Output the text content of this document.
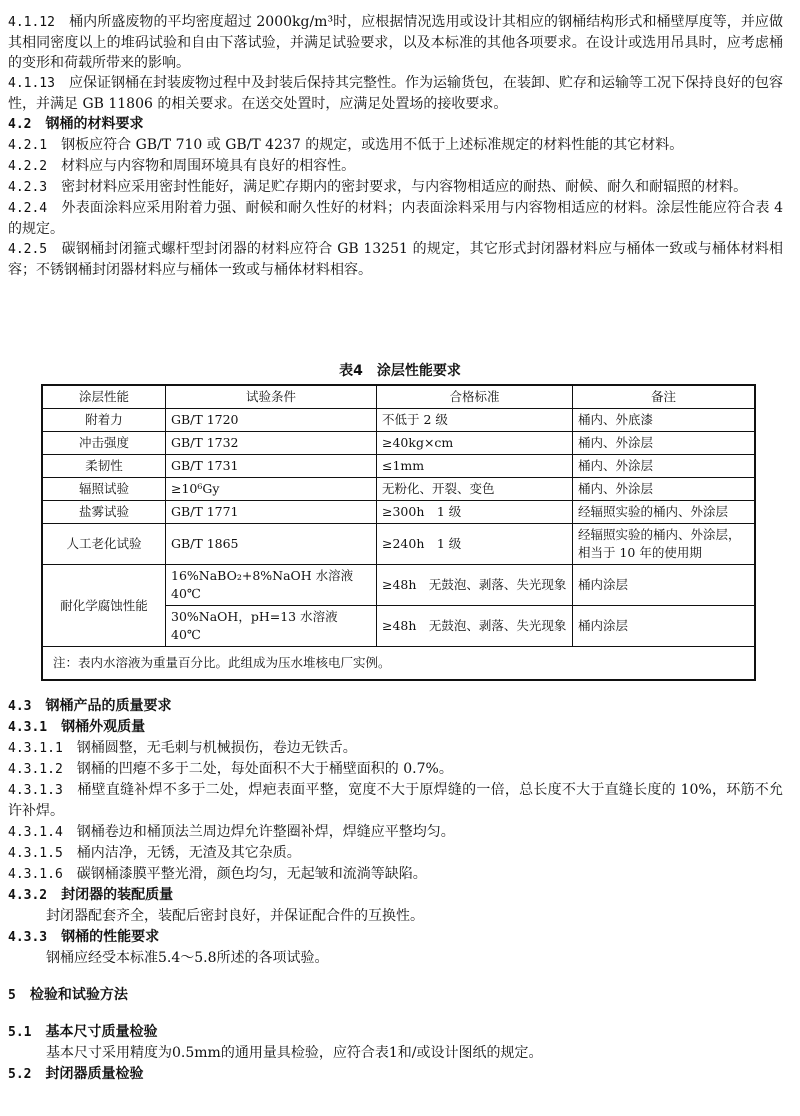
4.1.12　 桶内所盛废物的平均密度超过 2000kg/m³时，应根据情况选用或设计其相应的钢桶结构形式和桶壁厚度等，并应做其相同密度以上的堆码试验和自由下落试验，并满足试验要求，以及本标准的其他各项要求。在设计或选用吊具时，应考虑桶的变形和荷载所带来的影响。

4.1.13　 应保证钢桶在封装废物过程中及封装后保持其完整性。作为运输货包，在装卸、贮存和运输等工况下保持良好的包容性，并满足 GB 11806 的相关要求。在送交处置时，应满足处置场的接收要求。

4.2　 钢桶的材料要求

4.2.1　 钢板应符合 GB/T 710 或 GB/T 4237 的规定，或选用不低于上述标准规定的材料性能的其它材料。

4.2.2　 材料应与内容物和周围环境具有良好的相容性。

4.2.3　 密封材料应采用密封性能好，满足贮存期内的密封要求，与内容物相适应的耐热、耐候、耐久和耐辐照的材料。

4.2.4　 外表面涂料应采用附着力强、耐候和耐久性好的材料；内表面涂料采用与内容物相适应的材料。涂层性能应符合表 4 的规定。

4.2.5　 碳钢桶封闭箍式螺杆型封闭器的材料应符合 GB 13251 的规定，其它形式封闭器材料应与桶体一致或与桶体材料相容；不锈钢桶封闭器材料应与桶体一致或与桶体材料相容。

表4　涂层性能要求
涂层性能	试验条件	合格标准	备注
附着力	GB/T 1720	不低于 2 级	桶内、外底漆
冲击强度	GB/T 1732	≥40kg×cm	桶内、外涂层
柔韧性	GB/T 1731	≤1mm	桶内、外涂层
辐照试验	≥10⁶Gy	无粉化、开裂、变色	桶内、外涂层
盐雾试验	GB/T 1771	≥300h　1 级	经辐照实验的桶内、外涂层
人工老化试验	GB/T 1865	≥240h　1 级	经辐照实验的桶内、外涂层，相当于 10 年的使用期
耐化学腐蚀性能	16%NaBO₂+8%NaOH 水溶液 40℃	≥48h　无鼓泡、剥落、失光现象	桶内涂层
	30%NaOH，pH=13 水溶液 40℃	≥48h　无鼓泡、剥落、失光现象	桶内涂层
注：表内水溶液为重量百分比。此组成为压水堆核电厂实例。			

4.3　 钢桶产品的质量要求

4.3.1　 钢桶外观质量

4.3.1.1　 钢桶圆整，无毛刺与机械损伤，卷边无铁舌。

4.3.1.2　 钢桶的凹瘪不多于二处，每处面积不大于桶壁面积的 0.7%。

4.3.1.3　 桶壁直缝补焊不多于二处，焊疤表面平整，宽度不大于原焊缝的一倍，总长度不大于直缝长度的 10%，环筋不允许补焊。

4.3.1.4　 钢桶卷边和桶顶法兰周边焊允许整圈补焊，焊缝应平整均匀。

4.3.1.5　 桶内洁净，无锈，无渣及其它杂质。

4.3.1.6　 碳钢桶漆膜平整光滑，颜色均匀，无起皱和流淌等缺陷。

4.3.2　 封闭器的装配质量

封闭器配套齐全，装配后密封良好，并保证配合件的互换性。

4.3.3　 钢桶的性能要求

钢桶应经受本标准5.4～5.8所述的各项试验。

5　 检验和试验方法

5.1　 基本尺寸质量检验

基本尺寸采用精度为0.5mm的通用量具检验，应符合表1和/或设计图纸的规定。

5.2　 封闭器质量检验
